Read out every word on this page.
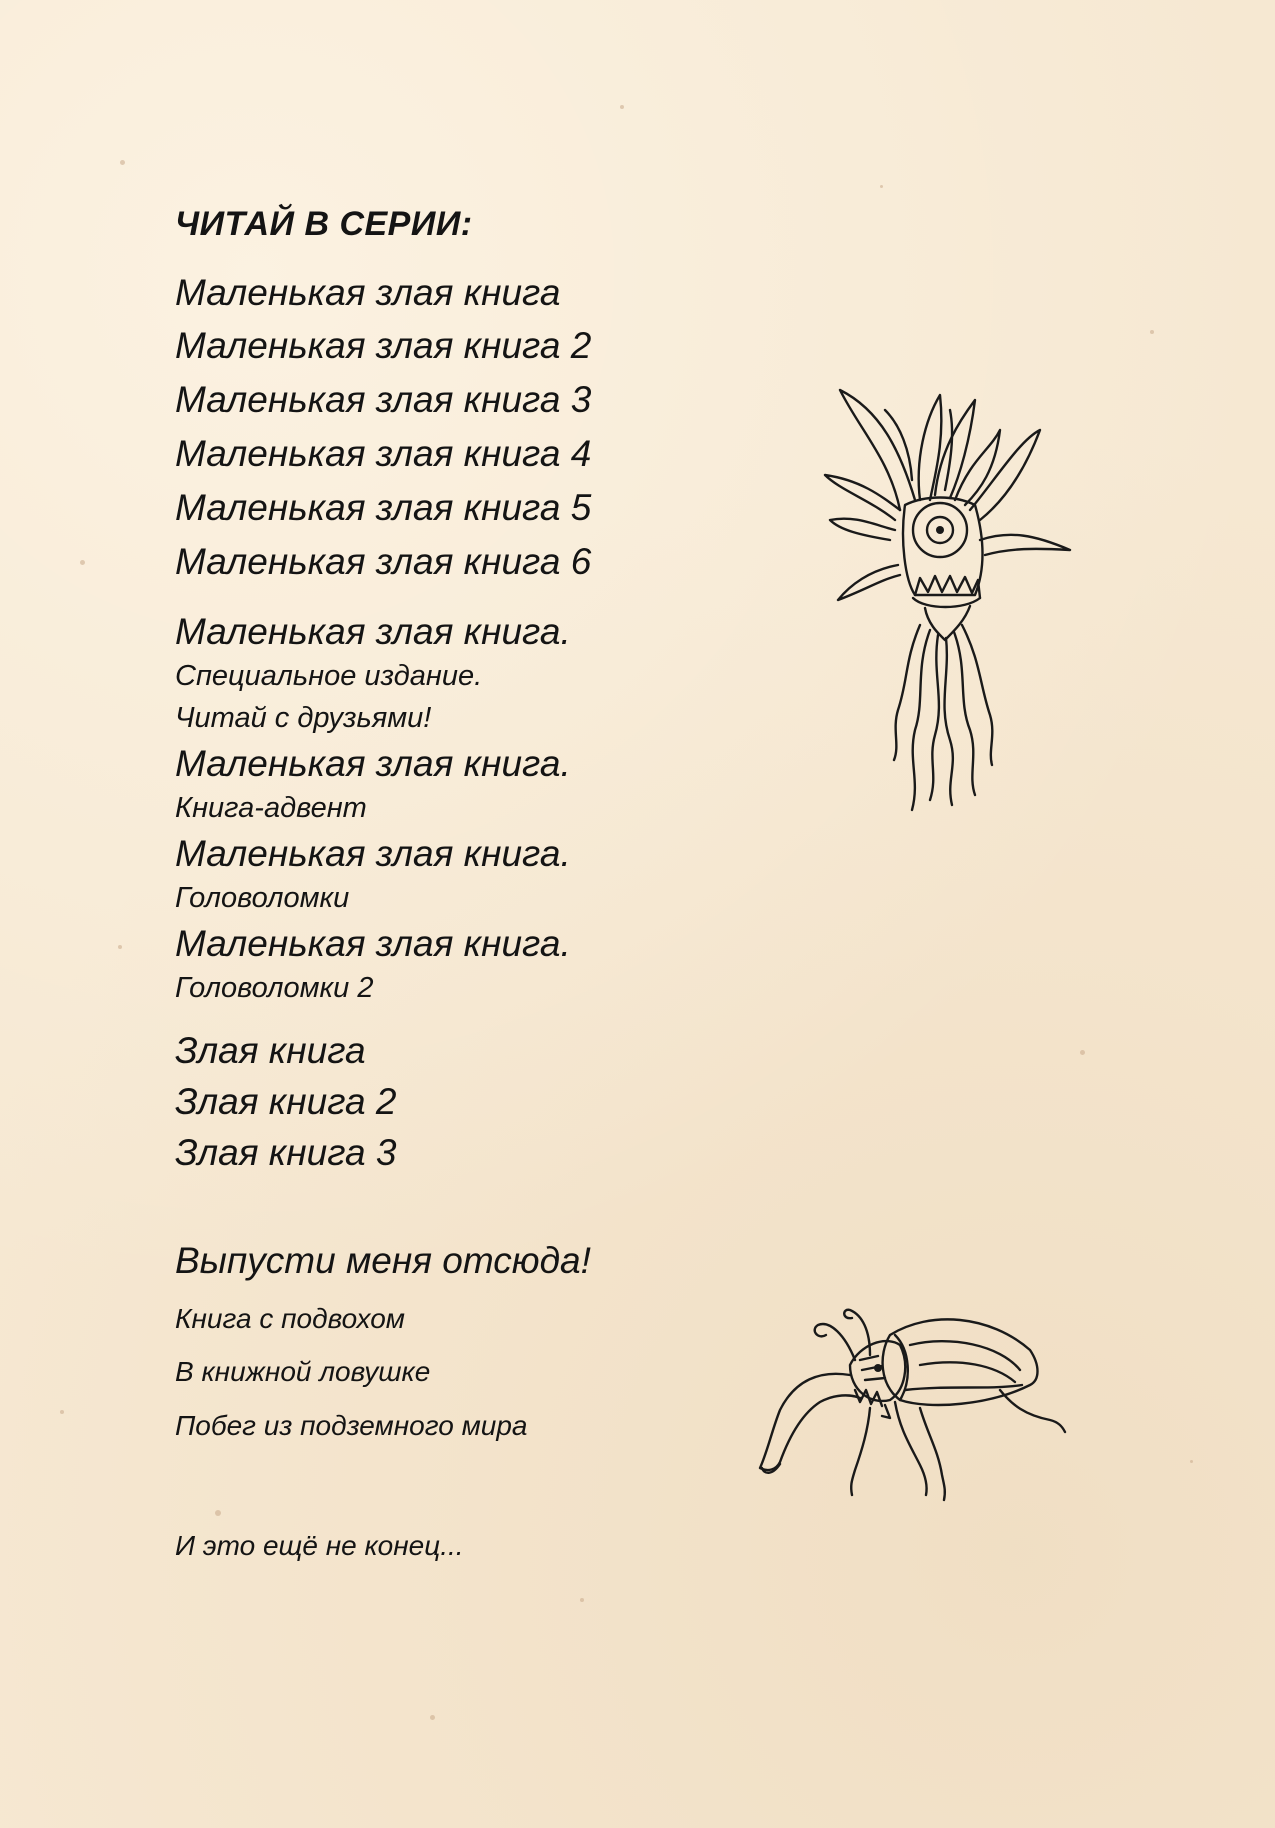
ЧИТАЙ В СЕРИИ:

Маленькая злая книга

Маленькая злая книга 2

Маленькая злая книга 3

Маленькая злая книга 4

Маленькая злая книга 5

Маленькая злая книга 6

Маленькая злая книга.

Специальное издание.

Читай с друзьями!

Маленькая злая книга.

Книга-адвент

Маленькая злая книга.

Головоломки

Маленькая злая книга.

Головоломки 2

Злая книга

Злая книга 2

Злая книга 3

Выпусти меня отсюда!

Книга с подвохом

В книжной ловушке

Побег из подземного мира

И это ещё не конец...
